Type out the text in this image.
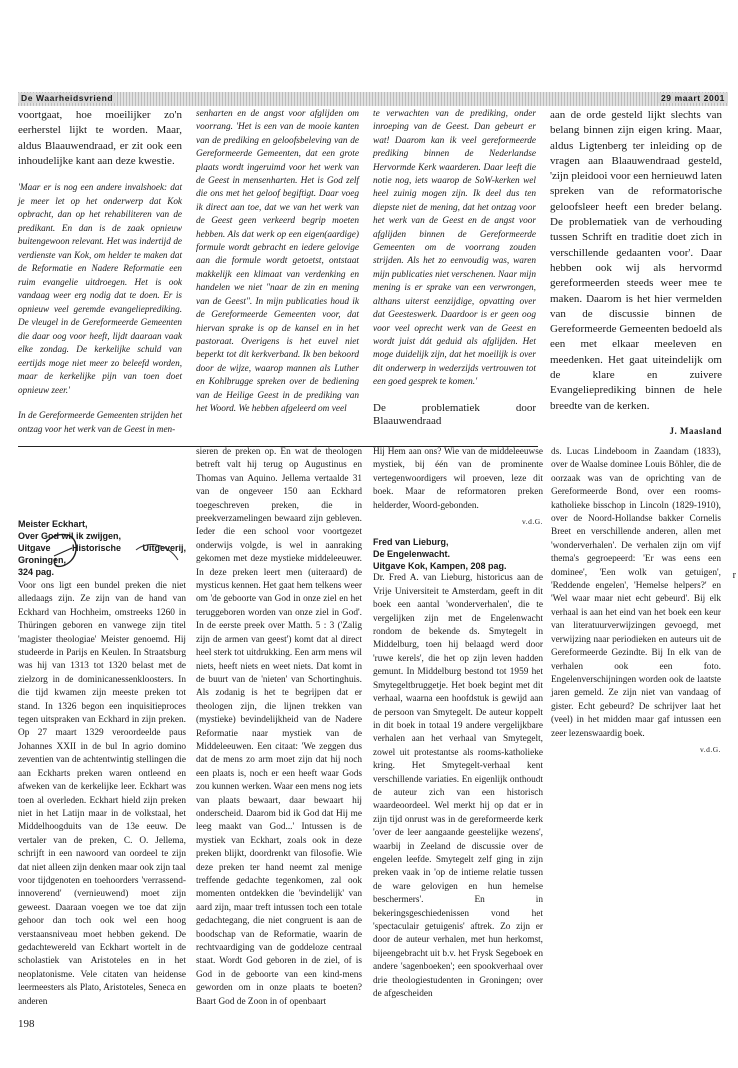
De Waarheidsvriend	29 maart 2001

voortgaat, hoe moeilijker zo'n eerherstel lijkt te worden. Maar, aldus Blaauwendraad, er zit ook een inhoudelijke kant aan deze kwestie.

'Maar er is nog een andere invalshoek: dat je meer let op het onderwerp dat Kok opbracht, dan op het rehabiliteren van de predikant. En dan is de zaak opnieuw buitengewoon relevant. Het was indertijd de verdienste van Kok, om helder te maken dat de Reformatie en Nadere Reformatie een ruim evangelie uitdroegen. Het is ook vandaag weer erg nodig dat te doen. Er is opnieuw veel geremde evangelieprediking. De vleugel in de Gereformeerde Gemeenten die daar oog voor heeft, lijdt daaraan vaak elke zondag. De kerkelijke schuld van eertijds moge niet meer zo beleefd worden, maar de kerkelijke pijn van toen doet opnieuw zeer.'

In de Gereformeerde Gemeenten strijden het ontzag voor het werk van de Geest in men-

senharten en de angst voor afglijden om voorrang. 'Het is een van de mooie kanten van de prediking en geloofsbeleving van de Gereformeerde Gemeenten, dat een grote plaats wordt ingeruimd voor het werk van de Geest in mensenharten. Het is God zelf die ons met het geloof begiftigt. Daar voeg ik direct aan toe, dat we van het werk van de Geest geen verkeerd begrip moeten hebben. Als dat werk op een eigen(aardige) formule wordt gebracht en iedere gelovige aan die formule wordt getoetst, ontstaat makkelijk een klimaat van verdenking en handelen we niet "naar de zin en mening van de Geest". In mijn publicaties houd ik de Gereformeerde Gemeenten voor, dat hiervan sprake is op de kansel en in het pastoraat. Overigens is het euvel niet beperkt tot dit kerkverband. Ik ben bekoord door de wijze, waarop mannen als Luther en Kohlbrugge spreken over de bediening van de Heilige Geest in de prediking van het Woord. We hebben afgeleerd om veel

te verwachten van de prediking, onder inroeping van de Geest. Dan gebeurt er wat! Daarom kan ik veel gereformeerde prediking binnen de Nederlandse Hervormde Kerk waarderen. Daar leeft die notie nog, iets waarop de SoW-kerken wel heel zuinig mogen zijn. Ik deel dus ten diepste niet de mening, dat het ontzag voor het werk van de Geest en de angst voor afglijden binnen de Gereformeerde Gemeenten om de voorrang zouden strijden. Als het zo eenvoudig was, waren mijn publicaties niet verschenen. Naar mijn mening is er sprake van een verwrongen, althans uiterst eenzijdige, opvatting over dat Geesteswerk. Daardoor is er geen oog voor veel oprecht werk van de Geest en wordt juist dát geduid als afglijden. Het moge duidelijk zijn, dat het moeilijk is over dit onderwerp in wederzijds vertrouwen tot een goed gesprek te komen.'

De problematiek door Blaauwendraad

aan de orde gesteld lijkt slechts van belang binnen zijn eigen kring. Maar, aldus Ligtenberg ter inleiding op de vragen aan Blaauwendraad gesteld, 'zijn pleidooi voor een hernieuwd laten spreken van de reformatorische geloofsleer heeft een breder belang. De problematiek van de verhouding tussen Schrift en traditie doet zich in verschillende gedaanten voor'. Daar hebben ook wij als hervormd gereformeerden steeds weer mee te maken. Daarom is het hier vermelden van de discussie binnen de Gereformeerde Gemeenten bedoeld als een met elkaar meeleven en meedenken. Het gaat uiteindelijk om de klare en zuivere Evangelieprediking binnen de hele breedte van de kerken.

J. Maasland
Meister Eckhart,
Over God wil ik zwijgen,
Uitgave Historische Uitgeverij, Groningen,
324 pag.

Voor ons ligt een bundel preken die niet alledaags zijn. Ze zijn van de hand van Eckhard van Hochheim, omstreeks 1260 in Thüringen geboren en vanwege zijn titel 'magister theologiae' Meister genoemd. Hij studeerde in Parijs en Keulen. In Straatsburg was hij van 1313 tot 1320 belast met de zielzorg in de dominicanessenkloosters. In die tijd kwamen zijn meeste preken tot stand. In 1326 begon een inquisitieproces tegen uitspraken van Eckhard in zijn preken. Op 27 maart 1329 veroordeelde paus Johannes XXII in de bul In agrio domino zeventien van de achtentwintig stellingen die aan Eckharts preken waren ontleend en afweken van de kerkelijke leer. Eckhart was toen al overleden. Eckhart hield zijn preken niet in het Latijn maar in de volkstaal, het Middelhoogduits van de 13e eeuw. De vertaler van de preken, C. O. Jellema, schrijft in een nawoord van oordeel te zijn dat niet alleen zijn denken maar ook zijn taal voor tijdgenoten en toehoorders 'verrassend-innoverend' (vernieuwend) moet zijn geweest. Daaraan voegen we toe dat zijn gehoor dan toch ook wel een hoog verstaansniveau moet hebben gekend. De gedachtewereld van Eckhart wortelt in de scholastiek van Aristoteles en in het neoplatonisme. Vele citaten van heidense leermeesters als Plato, Aristoteles, Seneca en anderen

sieren de preken op. En wat de theologen betreft valt hij terug op Augustinus en Thomas van Aquino. Jellema vertaalde 31 van de ongeveer 150 aan Eckhard toegeschreven preken, die in preekverzamelingen bewaard zijn gebleven. Ieder die een school voor voortgezet onderwijs volgde, is wel in aanraking gekomen met deze mystieke middeleeuwer. In deze preken leert men (uiteraard) de mysticus kennen. Het gaat hem telkens weer om 'de geboorte van God in onze ziel en het teruggeboren worden van onze ziel in God'. In de eerste preek over Matth. 5 : 3 ('Zalig zijn de armen van geest') komt dat al direct heel sterk tot uitdrukking. Een arm mens wil niets, heeft niets en weet niets. Dat komt in de buurt van de 'nieten' van Schortinghuis. Als zodanig is het te begrijpen dat er theologen zijn, die lijnen trekken van (mystieke) bevindelijkheid van de Nadere Reformatie naar mystiek van de Middeleeuwen. Een citaat: 'We zeggen dus dat de mens zo arm moet zijn dat hij noch een plaats is, noch er een heeft waar Gods zou kunnen werken. Waar een mens nog iets van plaats bewaart, daar bewaart hij onderscheid. Daarom bid ik God dat Hij me leeg maakt van God...' Intussen is de mystiek van Eckhart, zoals ook in deze preken blijkt, doordrenkt van filosofie. Wie deze preken ter hand neemt zal menige treffende gedachte tegenkomen, zal ook momenten ontdekken die 'bevindelijk' van aard zijn, maar treft intussen toch een totale gedachtegang, die niet congruent is aan de boodschap van de Reformatie, waarin de rechtvaardiging van de goddeloze centraal staat. Wordt God geboren in de ziel, of is God in de geboorte van een kind-mens geworden om in onze plaats te boeten? Baart God de Zoon in of openbaart

Hij Hem aan ons? Wie van de middeleeuwse mystiek, bij één van de prominente vertegenwoordigers wil proeven, leze dit boek. Maar de reformatoren preken helderder, Woord-gebonden.

v.d.G.
Fred van Lieburg,
De Engelenwacht.
Uitgave Kok, Kampen, 208 pag.

Dr. Fred A. van Lieburg, historicus aan de Vrije Universiteit te Amsterdam, geeft in dit boek een aantal 'wonderverhalen', die te vergelijken zijn met de Engelenwacht rondom de bekende ds. Smytegelt in Middelburg, toen hij belaagd werd door 'ruwe kerels', die het op zijn leven hadden gemunt. In Middelburg bestond tot 1959 het Smytegeltbruggetje. Het boek begint met dit verhaal, waarna een hoofdstuk is gewijd aan de persoon van Smytegelt. De auteur koppelt in dit boek in totaal 19 andere vergelijkbare verhalen aan het verhaal van Smytegelt, zowel uit protestantse als rooms-katholieke kring. Het Smytegelt-verhaal kent verschillende variaties. En eigenlijk onthoudt de auteur zich van een historisch waardeoordeel. Wel merkt hij op dat er in zijn tijd onrust was in de gereformeerde kerk 'over de leer aangaande geestelijke wezens', waarbij in Zeeland de discussie over de engelen leefde. Smytegelt zelf ging in zijn preken vaak in 'op de intieme relatie tussen de ware gelovigen en hun hemelse beschermers'. En in bekeringsgeschiedenissen vond het 'spectaculair getuigenis' aftrek. Zo zijn er door de auteur verhalen, met hun herkomst, bijeengebracht uit b.v. het Frysk Segeboek en andere 'sagenboeken'; een spookverhaal over drie theologiestudenten in Groningen; over de afgescheiden

ds. Lucas Lindeboom in Zaandam (1833), over de Waalse dominee Louis Böhler, die de oorzaak was van de oprichting van de Gereformeerde Bond, over een rooms-katholieke bisschop in Lincoln (1829-1910), over de Noord-Hollandse bakker Cornelis Breet en verschillende anderen, allen met 'wonderverhalen'. De verhalen zijn om vijf thema's gegroepeerd: 'Er was eens een dominee', 'Een wolk van getuigen', 'Reddende engelen', 'Hemelse helpers?' en 'Wel waar maar niet echt gebeurd'. Bij elk verhaal is aan het eind van het boek een keur van literatuurverwijzingen gevoegd, met verwijzing naar periodieken en auteurs uit de Gereformeerde Gezindte. Bij In elk van de verhalen ook een foto. Engelenverschijningen worden ook de laatste jaren gemeld. Ze zijn niet van vandaag of gister. Echt gebeurd? De schrijver laat het (veel) in het midden maar gaf intussen een zeer lezenswaardig boek.

v.d.G.
198
r
